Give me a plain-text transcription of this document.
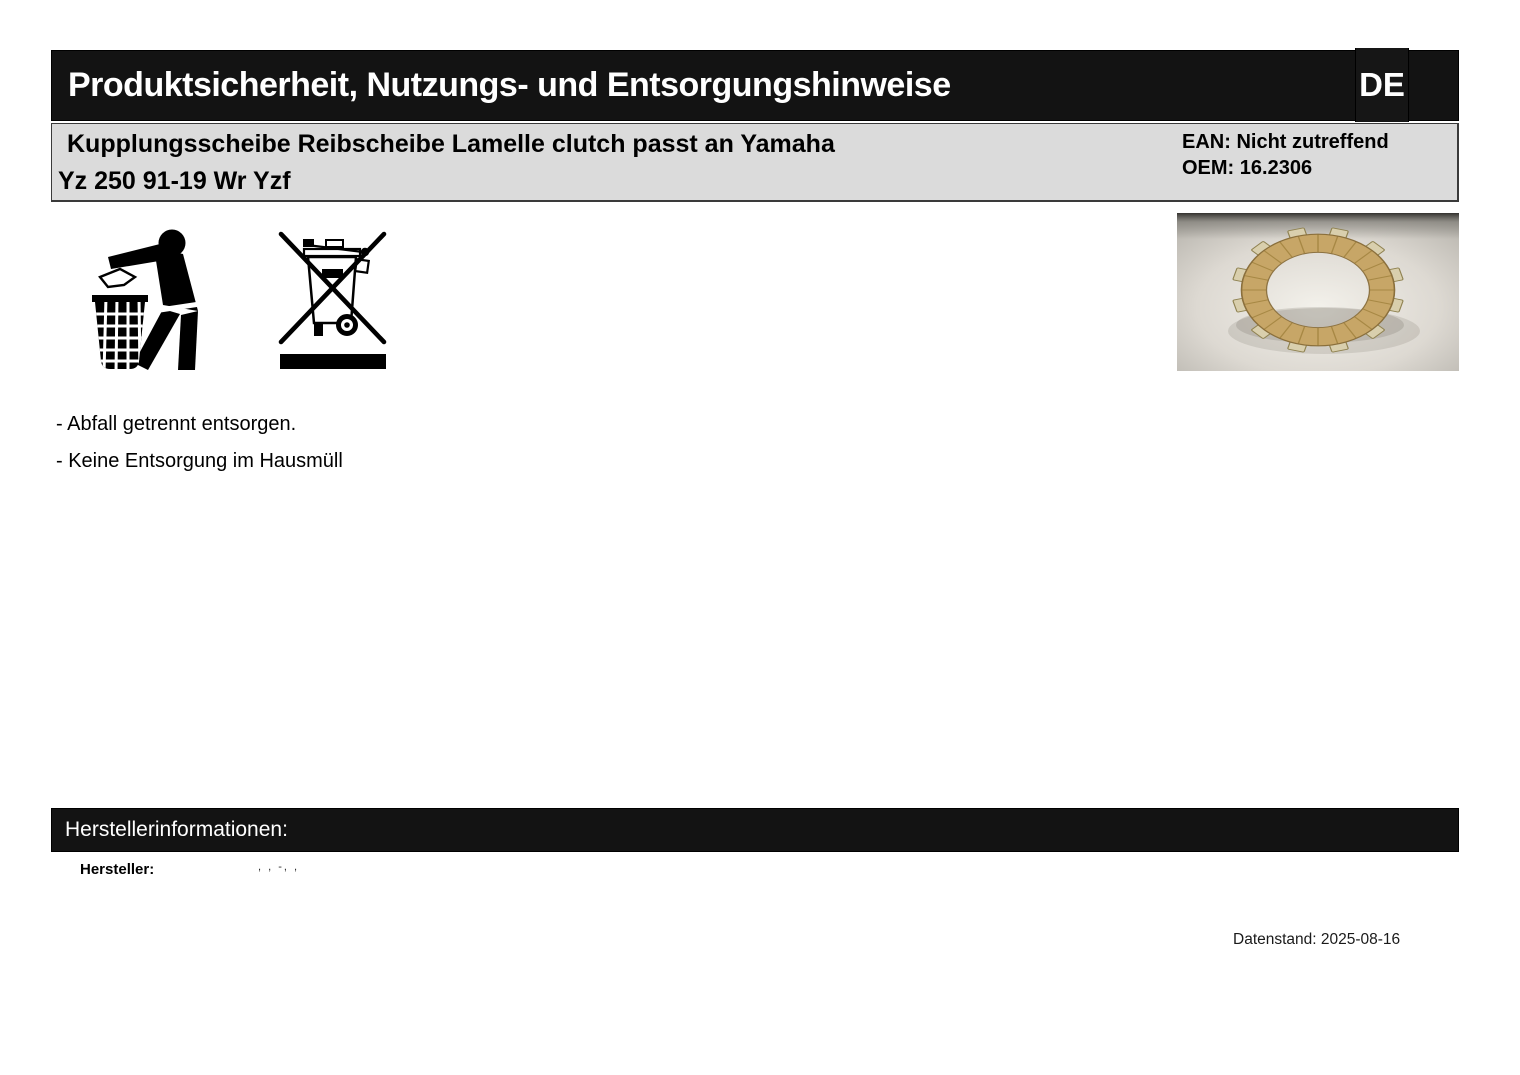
Produktsicherheit, Nutzungs- und Entsorgungshinweise	DE
Kupplungsscheibe Reibscheibe Lamelle clutch passt an Yamaha
Yz 250 91-19 Wr Yzf
EAN: Nicht zutreffend
OEM: 16.2306
- Abfall getrennt entsorgen.
- Keine Entsorgung im Hausmüll
Herstellerinformationen:
Hersteller:	, , -, ,
Datenstand: 2025-08-16
